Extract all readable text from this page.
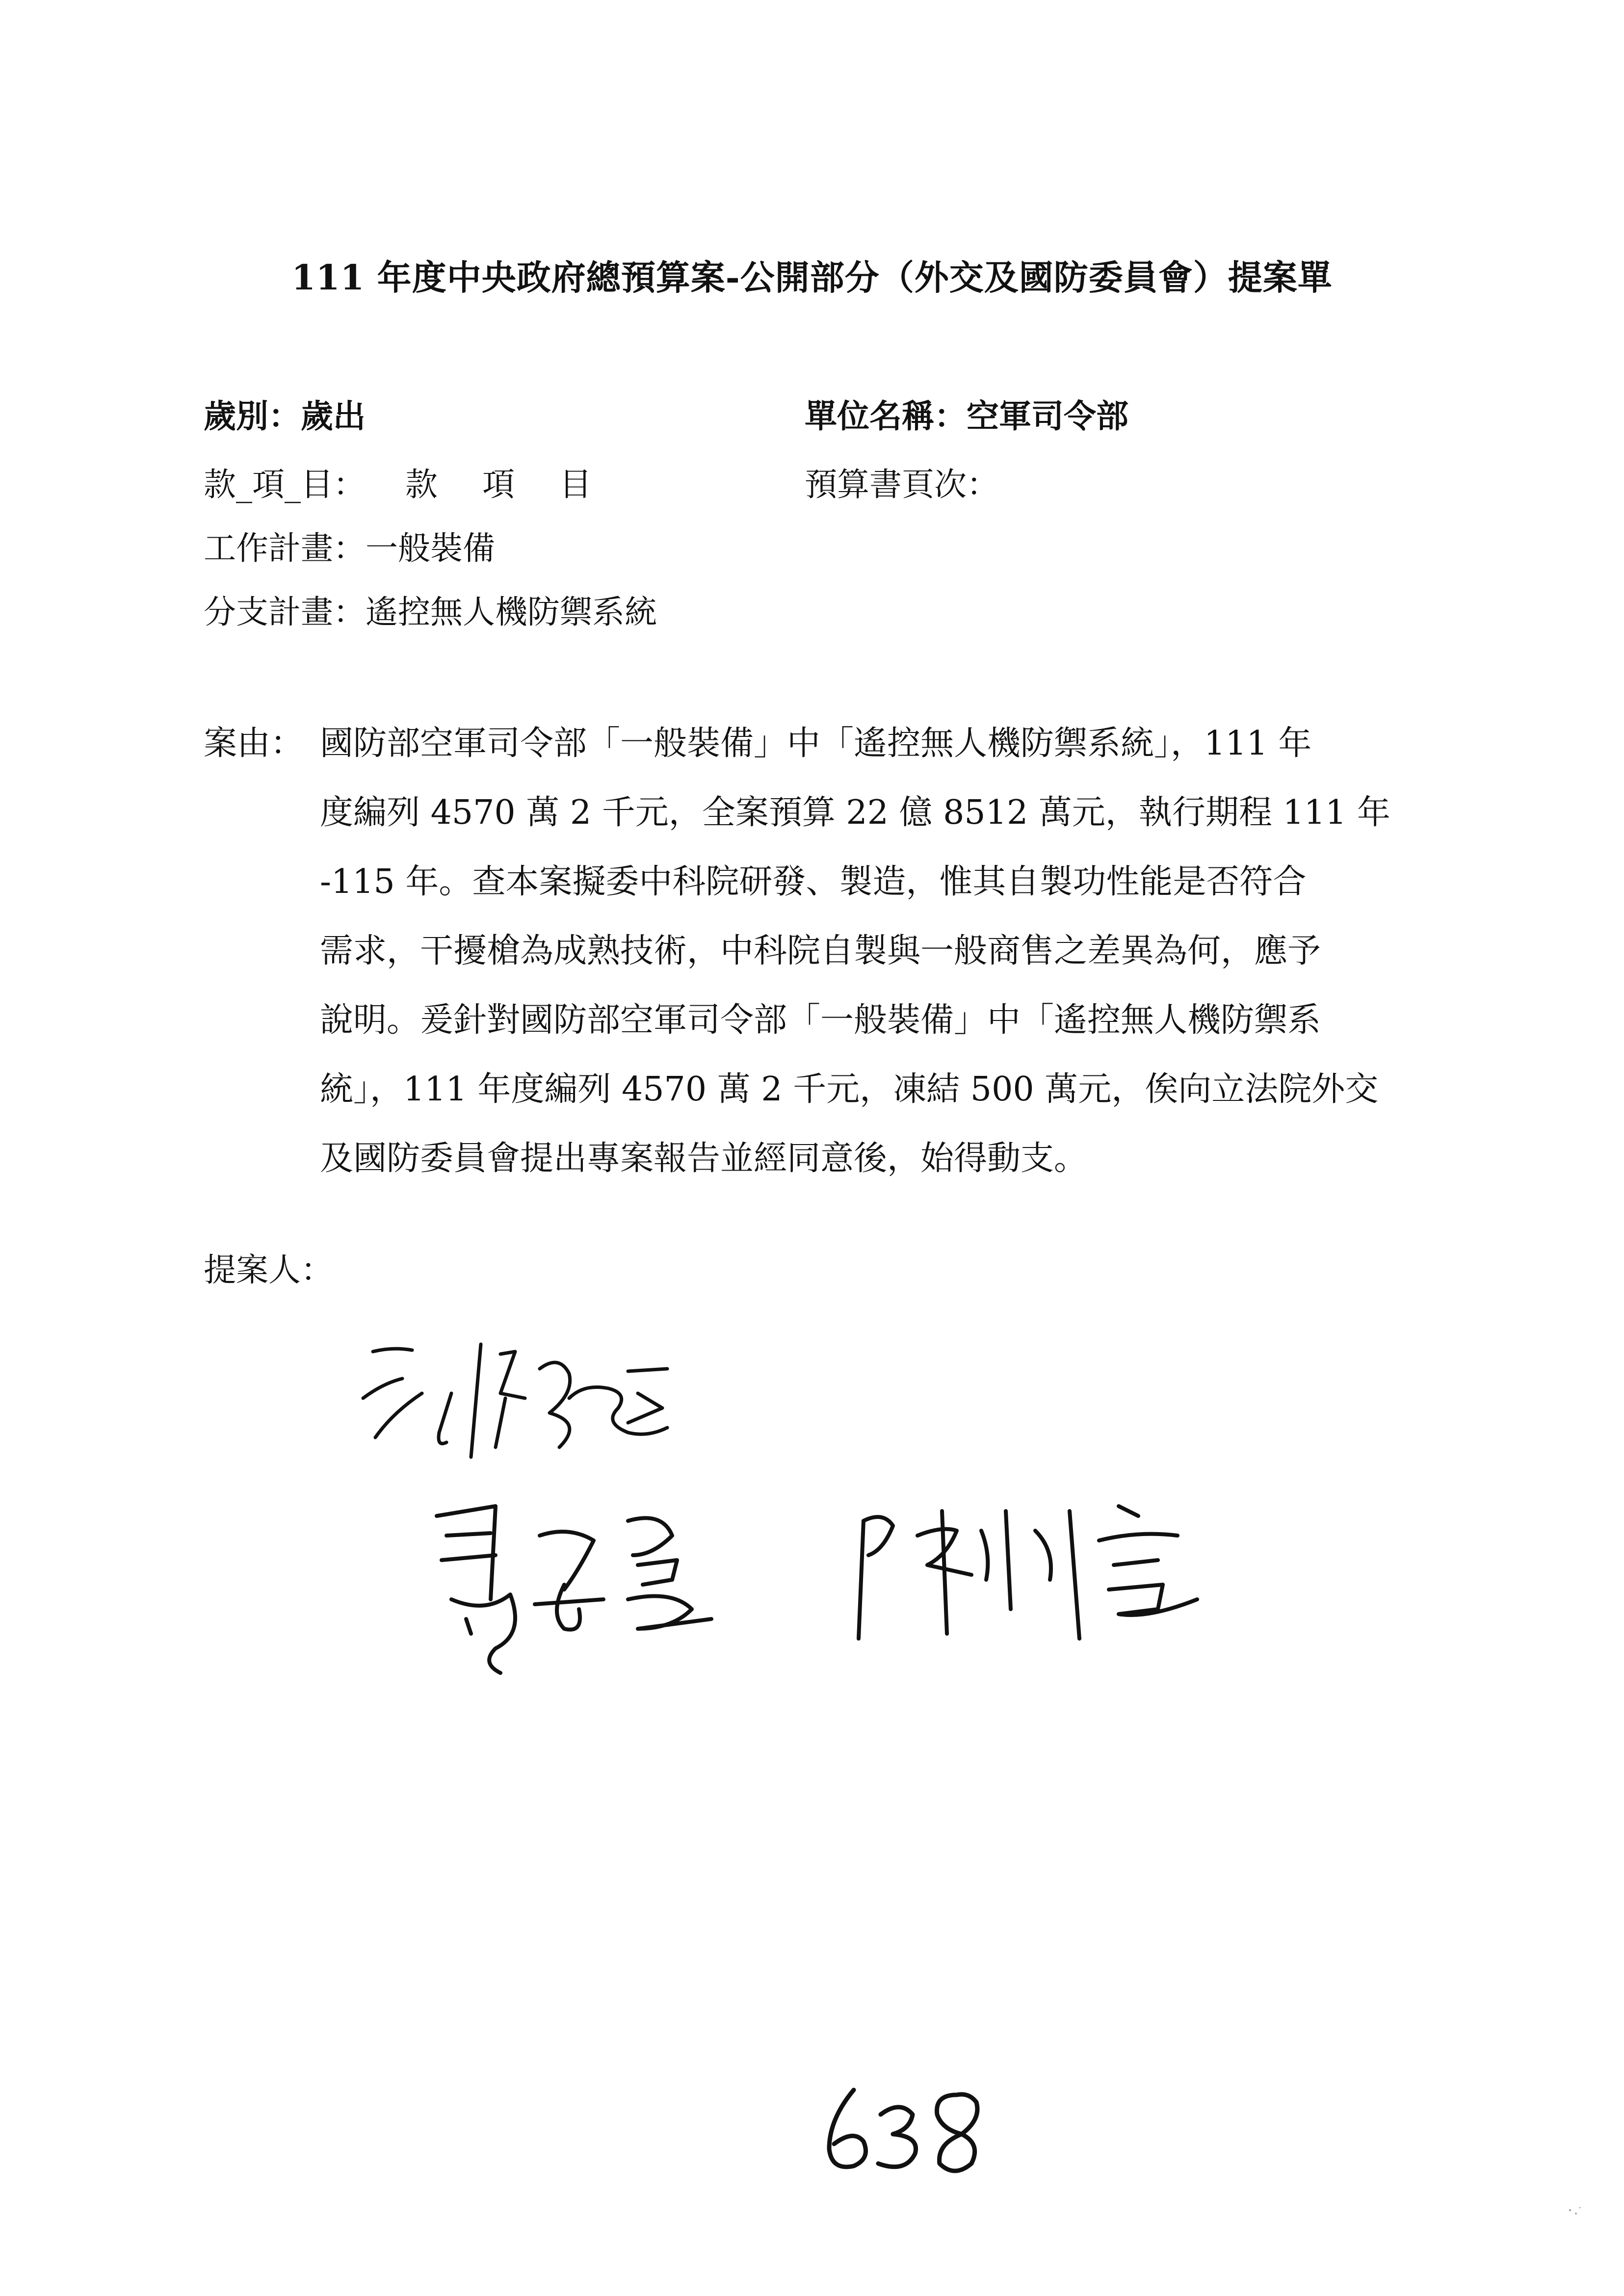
111 年度中央政府總預算案-公開部分（外交及國防委員會）提案單
歲別：歲出	單位名稱：空軍司令部
款_項_目： 款 項 目	預算書頁次：
工作計畫：一般裝備
分支計畫：遙控無人機防禦系統
案由： 國防部空軍司令部「一般裝備」中「遙控無人機防禦系統」，111 年

度編列 4570 萬 2 千元，全案預算 22 億 8512 萬元，執行期程 111 年

-115 年。查本案擬委中科院研發、製造，惟其自製功性能是否符合

需求，干擾槍為成熟技術，中科院自製與一般商售之差異為何，應予

說明。爰針對國防部空軍司令部「一般裝備」中「遙控無人機防禦系

統」，111 年度編列 4570 萬 2 千元，凍結 500 萬元，俟向立法院外交

及國防委員會提出專案報告並經同意後，始得動支。

提案人：
